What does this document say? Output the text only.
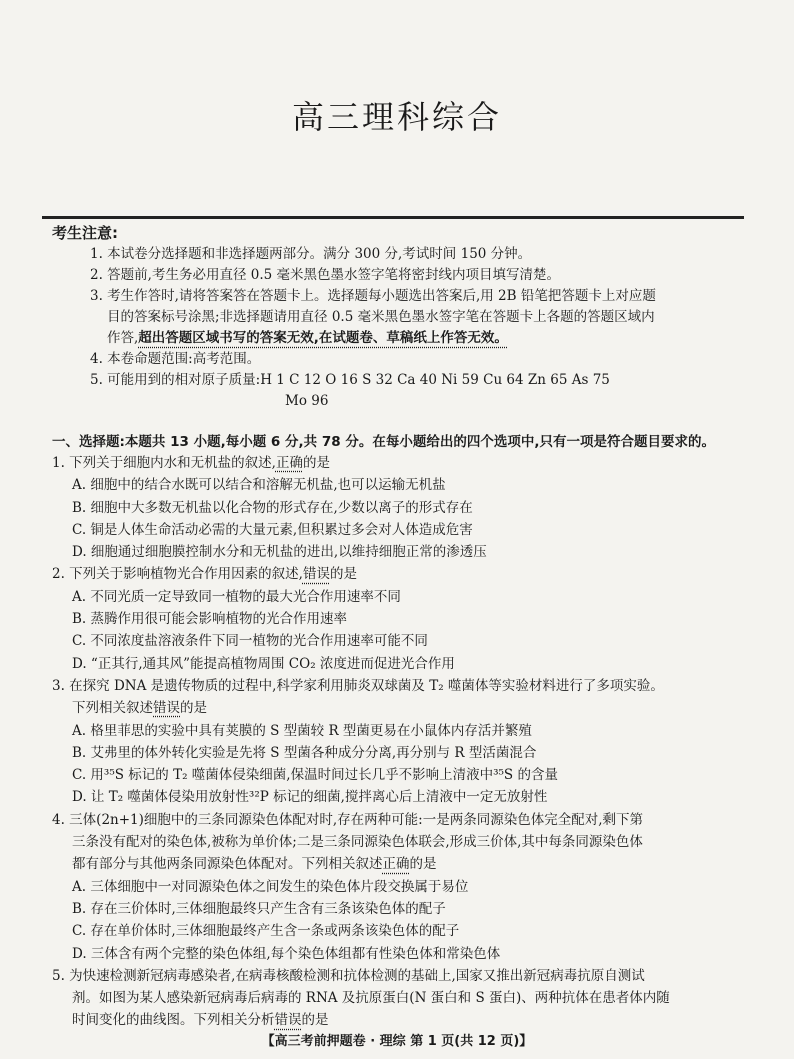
高三理科综合
考生注意:
1. 本试卷分选择题和非选择题两部分。满分 300 分,考试时间 150 分钟。
2. 答题前,考生务必用直径 0.5 毫米黑色墨水签字笔将密封线内项目填写清楚。
3. 考生作答时,请将答案答在答题卡上。选择题每小题选出答案后,用 2B 铅笔把答题卡上对应题
目的答案标号涂黑;非选择题请用直径 0.5 毫米黑色墨水签字笔在答题卡上各题的答题区域内
作答,超出答题区域书写的答案无效,在试题卷、草稿纸上作答无效。
4. 本卷命题范围:高考范围。
5. 可能用到的相对原子质量:H 1 C 12 O 16 S 32 Ca 40 Ni 59 Cu 64 Zn 65 As 75
Mo 96
一、选择题:本题共 13 小题,每小题 6 分,共 78 分。在每小题给出的四个选项中,只有一项是符合题目要求的。
1. 下列关于细胞内水和无机盐的叙述,正确的是
A. 细胞中的结合水既可以结合和溶解无机盐,也可以运输无机盐
B. 细胞中大多数无机盐以化合物的形式存在,少数以离子的形式存在
C. 铜是人体生命活动必需的大量元素,但积累过多会对人体造成危害
D. 细胞通过细胞膜控制水分和无机盐的进出,以维持细胞正常的渗透压
2. 下列关于影响植物光合作用因素的叙述,错误的是
A. 不同光质一定导致同一植物的最大光合作用速率不同
B. 蒸腾作用很可能会影响植物的光合作用速率
C. 不同浓度盐溶液条件下同一植物的光合作用速率可能不同
D. “正其行,通其风”能提高植物周围 CO₂ 浓度进而促进光合作用
3. 在探究 DNA 是遗传物质的过程中,科学家利用肺炎双球菌及 T₂ 噬菌体等实验材料进行了多项实验。
下列相关叙述错误的是
A. 格里菲思的实验中具有荚膜的 S 型菌较 R 型菌更易在小鼠体内存活并繁殖
B. 艾弗里的体外转化实验是先将 S 型菌各种成分分离,再分别与 R 型活菌混合
C. 用³⁵S 标记的 T₂ 噬菌体侵染细菌,保温时间过长几乎不影响上清液中³⁵S 的含量
D. 让 T₂ 噬菌体侵染用放射性³²P 标记的细菌,搅拌离心后上清液中一定无放射性
4. 三体(2n+1)细胞中的三条同源染色体配对时,存在两种可能:一是两条同源染色体完全配对,剩下第
三条没有配对的染色体,被称为单价体;二是三条同源染色体联会,形成三价体,其中每条同源染色体
都有部分与其他两条同源染色体配对。下列相关叙述正确的是
A. 三体细胞中一对同源染色体之间发生的染色体片段交换属于易位
B. 存在三价体时,三体细胞最终只产生含有三条该染色体的配子
C. 存在单价体时,三体细胞最终产生含一条或两条该染色体的配子
D. 三体含有两个完整的染色体组,每个染色体组都有性染色体和常染色体
5. 为快速检测新冠病毒感染者,在病毒核酸检测和抗体检测的基础上,国家又推出新冠病毒抗原自测试
剂。如图为某人感染新冠病毒后病毒的 RNA 及抗原蛋白(N 蛋白和 S 蛋白)、两种抗体在患者体内随
时间变化的曲线图。下列相关分析错误的是
【高三考前押题卷 · 理综 第 1 页(共 12 页)】
